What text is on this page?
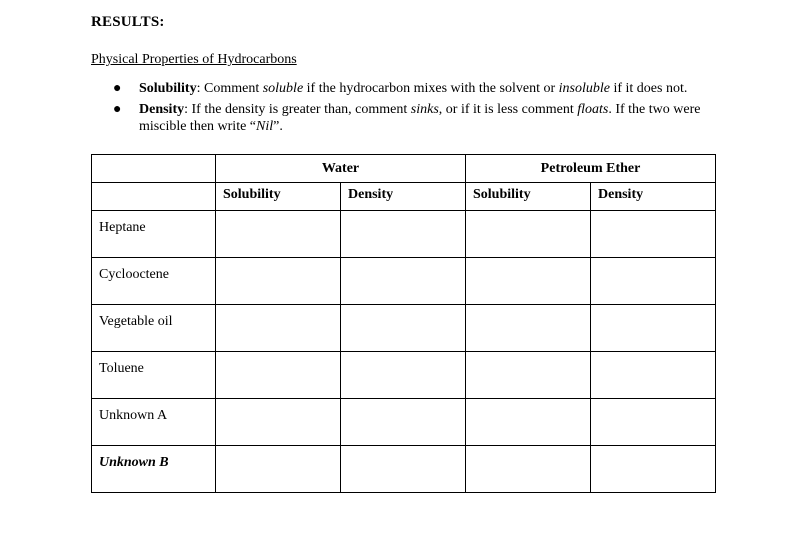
RESULTS:
Physical Properties of Hydrocarbons
● Solubility: Comment soluble if the hydrocarbon mixes with the solvent or insoluble if it does not.
● Density: If the density is greater than, comment sinks, or if it is less comment floats. If the two were miscible then write “Nil”.
	Water		Petroleum Ether	
	Solubility	Density	Solubility	Density
Heptane				
Cyclooctene				
Vegetable oil				
Toluene				
Unknown A				
Unknown B				
